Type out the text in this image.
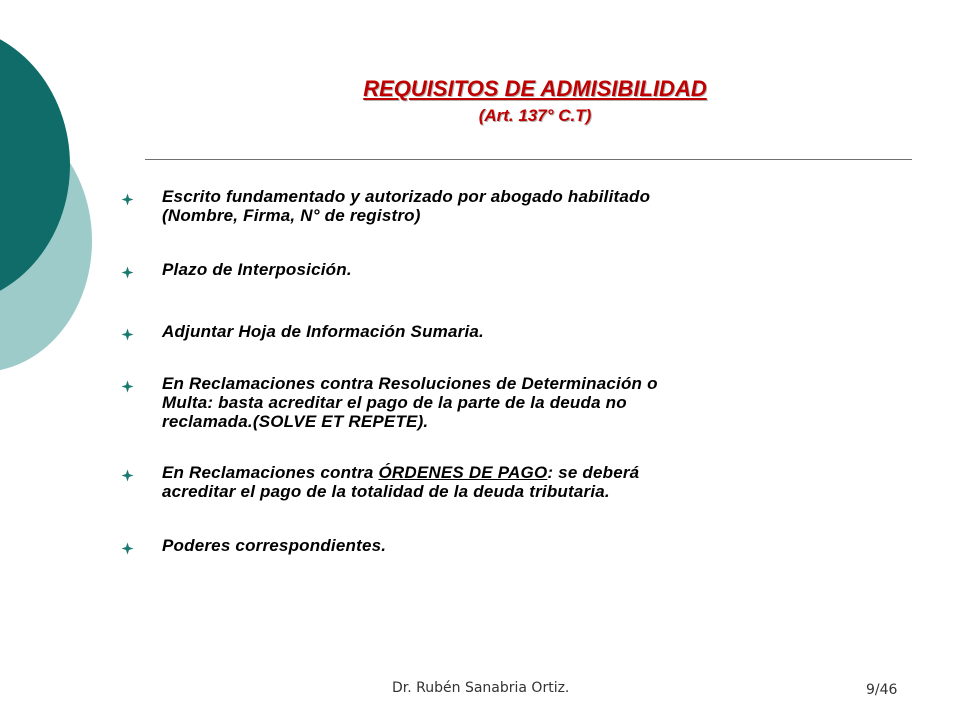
REQUISITOS DE ADMISIBILIDAD
(Art. 137° C.T)
Escrito fundamentado y autorizado por abogado habilitado
(Nombre, Firma, N° de registro)
Plazo de Interposición.
Adjuntar Hoja de Información Sumaria.
En Reclamaciones contra Resoluciones de Determinación o
Multa: basta acreditar el pago de la parte de la deuda no
reclamada.(SOLVE ET REPETE).
En Reclamaciones contra ÓRDENES DE PAGO: se deberá
acreditar el pago de la totalidad de la deuda tributaria.
Poderes correspondientes.
Dr. Rubén Sanabria Ortiz.	9/46
